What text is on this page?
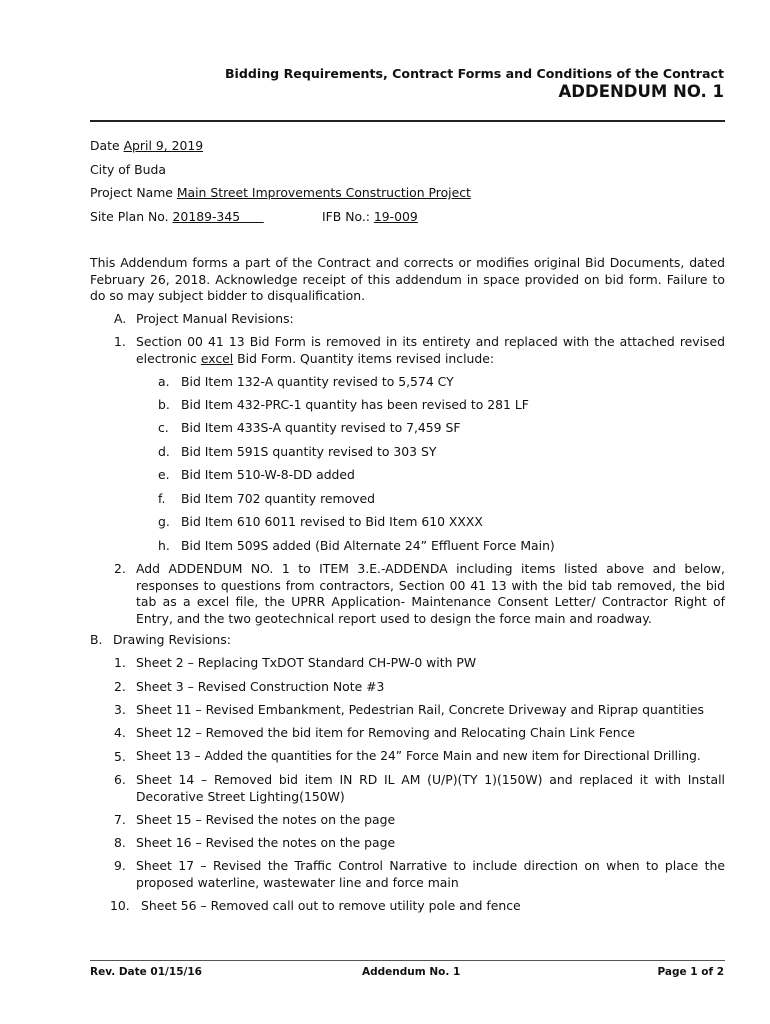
Bidding Requirements, Contract Forms and Conditions of the Contract
ADDENDUM NO. 1
Date April 9, 2019
City of Buda
Project Name Main Street Improvements Construction Project
Site Plan No. 20189-345	IFB No.: 19-009
This Addendum forms a part of the Contract and corrects or modifies original Bid Documents, dated February 26, 2018. Acknowledge receipt of this addendum in space provided on bid form. Failure to do so may subject bidder to disqualification.
A. Project Manual Revisions:
1. Section 00 41 13 Bid Form is removed in its entirety and replaced with the attached revised electronic excel Bid Form. Quantity items revised include:
a. Bid Item 132-A quantity revised to 5,574 CY
b. Bid Item 432-PRC-1 quantity has been revised to 281 LF
c. Bid Item 433S-A quantity revised to 7,459 SF
d. Bid Item 591S quantity revised to 303 SY
e. Bid Item 510-W-8-DD added
f. Bid Item 702 quantity removed
g. Bid Item 610 6011 revised to Bid Item 610 XXXX
h. Bid Item 509S added (Bid Alternate 24” Effluent Force Main)
2. Add ADDENDUM NO. 1 to ITEM 3.E.-ADDENDA including items listed above and below, responses to questions from contractors, Section 00 41 13 with the bid tab removed, the bid tab as a excel file, the UPRR Application- Maintenance Consent Letter/ Contractor Right of Entry, and the two geotechnical report used to design the force main and roadway.
B. Drawing Revisions:
1. Sheet 2 – Replacing TxDOT Standard CH-PW-0 with PW
2. Sheet 3 – Revised Construction Note #3
3. Sheet 11 – Revised Embankment, Pedestrian Rail, Concrete Driveway and Riprap quantities
4. Sheet 12 – Removed the bid item for Removing and Relocating Chain Link Fence
5. Sheet 13 – Added the quantities for the 24” Force Main and new item for Directional Drilling.
6. Sheet 14 – Removed bid item IN RD IL AM (U/P)(TY 1)(150W) and replaced it with Install Decorative Street Lighting(150W)
7. Sheet 15 – Revised the notes on the page
8. Sheet 16 – Revised the notes on the page
9. Sheet 17 – Revised the Traffic Control Narrative to include direction on when to place the proposed waterline, wastewater line and force main
10. Sheet 56 – Removed call out to remove utility pole and fence
Rev. Date 01/15/16	Addendum No. 1	Page 1 of 2
